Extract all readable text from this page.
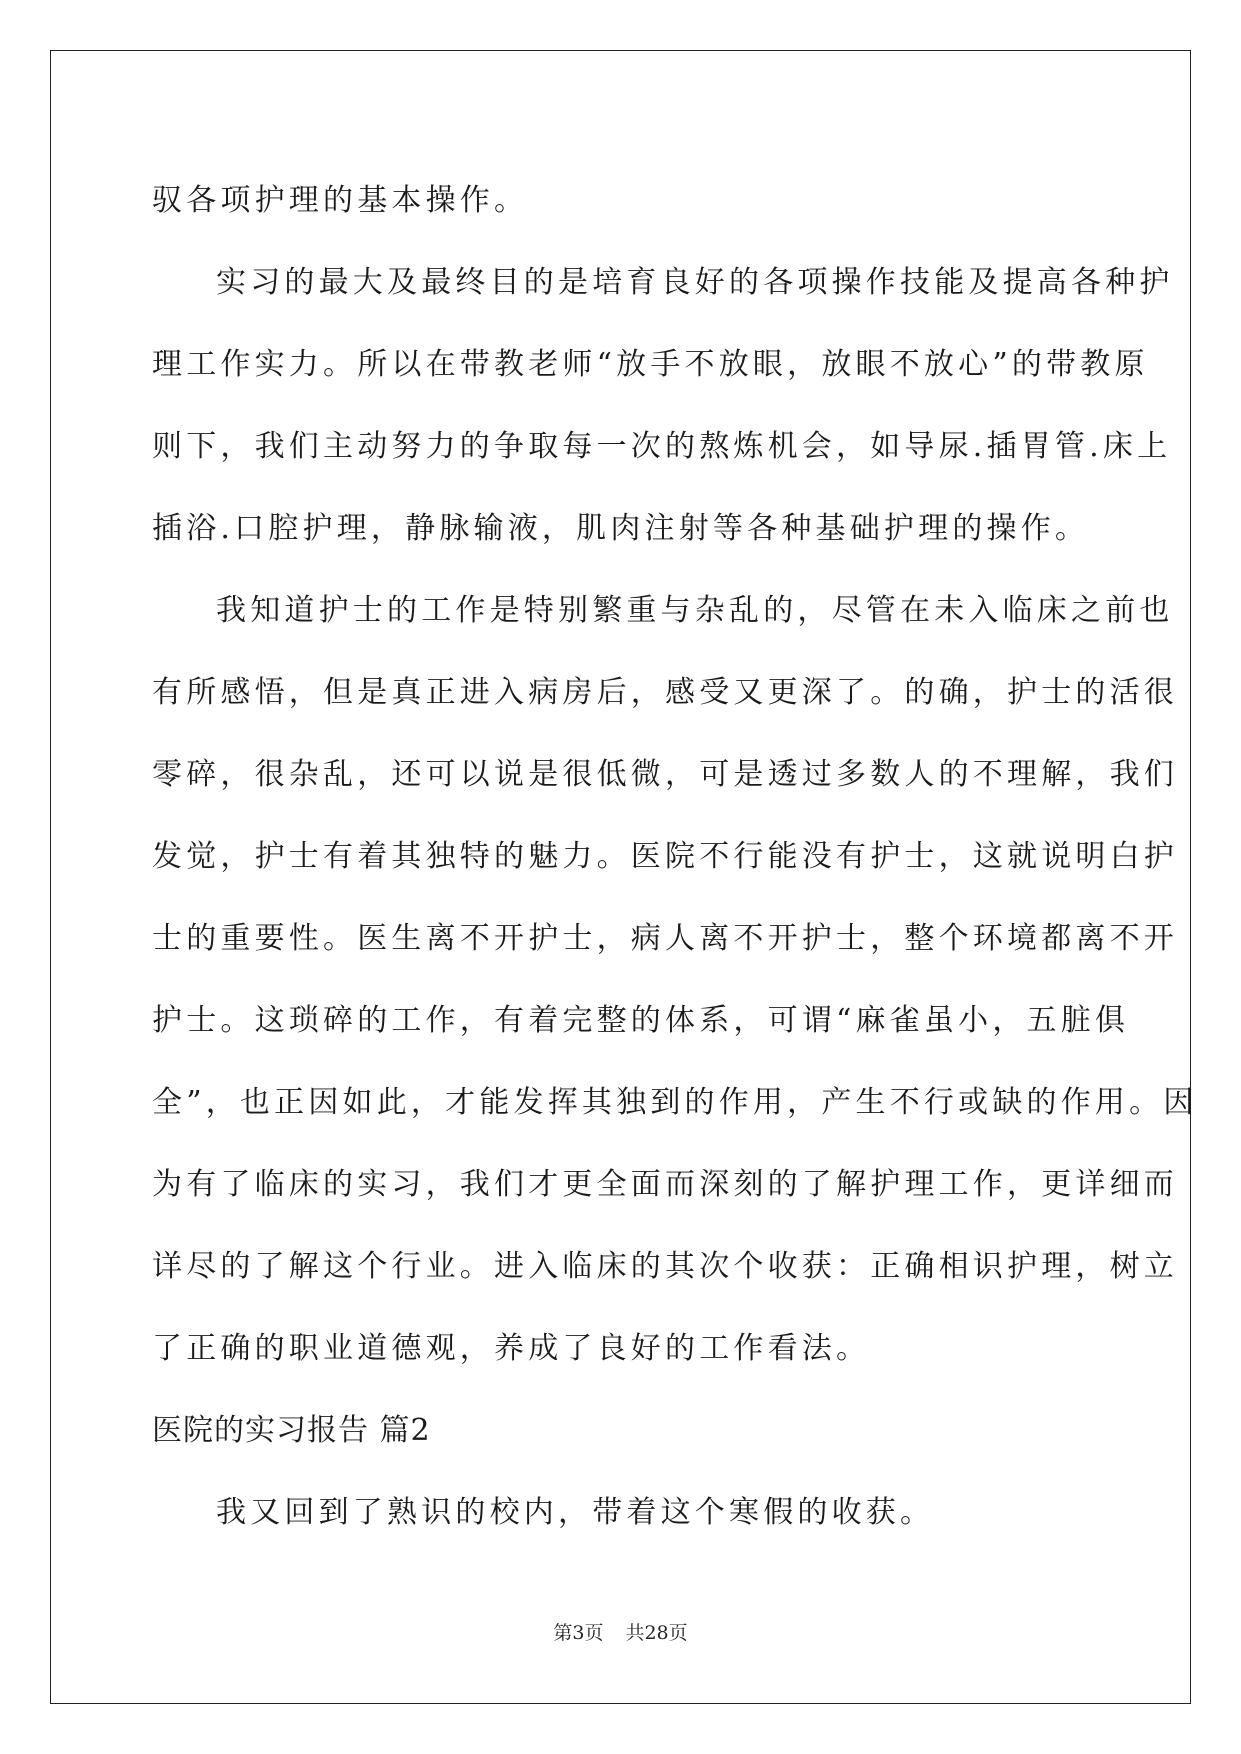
驭各项护理的基本操作。
实习的最大及最终目的是培育良好的各项操作技能及提高各种护
理工作实力。所以在带教老师“放手不放眼，放眼不放心”的带教原
则下，我们主动努力的争取每一次的熬炼机会，如导尿.插胃管.床上
插浴.口腔护理，静脉输液，肌肉注射等各种基础护理的操作。
我知道护士的工作是特别繁重与杂乱的，尽管在未入临床之前也
有所感悟，但是真正进入病房后，感受又更深了。的确，护士的活很
零碎，很杂乱，还可以说是很低微，可是透过多数人的不理解，我们
发觉，护士有着其独特的魅力。医院不行能没有护士，这就说明白护
士的重要性。医生离不开护士，病人离不开护士，整个环境都离不开
护士。这琐碎的工作，有着完整的体系，可谓“麻雀虽小，五脏俱
全”，也正因如此，才能发挥其独到的作用，产生不行或缺的作用。因
为有了临床的实习，我们才更全面而深刻的了解护理工作，更详细而
详尽的了解这个行业。进入临床的其次个收获：正确相识护理，树立
了正确的职业道德观，养成了良好的工作看法。
医院的实习报告 篇2
我又回到了熟识的校内，带着这个寒假的收获。
第3页 共28页
